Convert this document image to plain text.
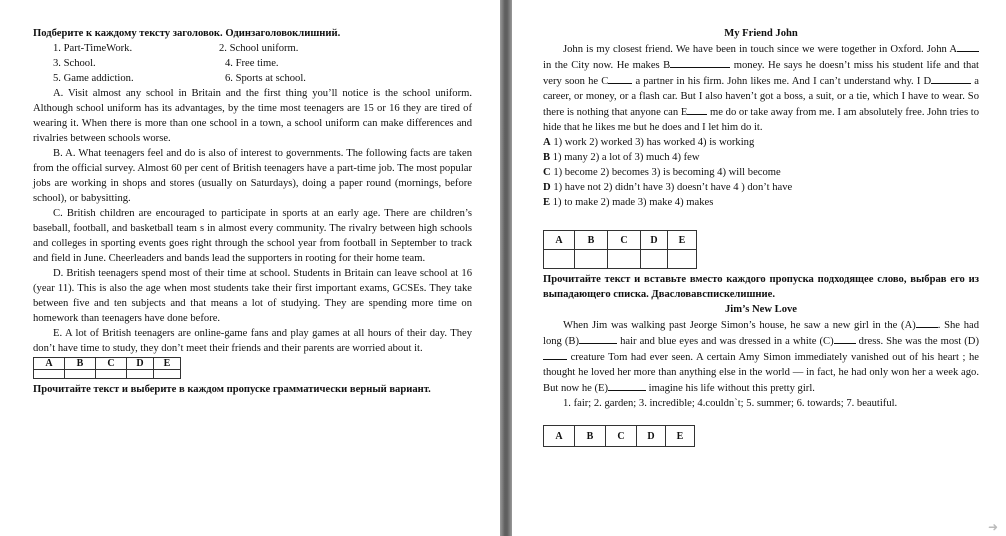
Подберите к каждому тексту заголовок. Одинзаголовоклишний.
1. Part-TimeWork.	2. School uniform.
3. School.	4. Free time.
5. Game addiction.	6. Sports at school.

A. Visit almost any school in Britain and the first thing you’ll notice is the school uniform. Although school uniform has its advantages, by the time most teenagers are 15 or 16 they are tired of wearing it. When there is more than one school in a town, a school uniform can make differences and rivalries between schools worse.

B. A. What teenagers feel and do is also of interest to governments. The following facts are taken from the official survey. Almost 60 per cent of British teenagers have a part-time job. The most popular jobs are working in shops and stores (usually on Saturdays), doing a paper round (mornings, before school), or babysitting.

C. British children are encouraged to participate in sports at an early age. There are children’s baseball, football, and basketball team s in almost every community. The rivalry between high schools and colleges in sporting events goes right through the school year from football in September to track and field in June. Cheerleaders and bands lead the supporters in rooting for their home team.

D. British teenagers spend most of their time at school. Students in Britain can leave school at 16 (year 11). This is also the age when most students take their first important exams, GCSEs. They take between five and ten subjects and that means a lot of studying. They are spending more time on homework than teenagers have done before.

E. A lot of British teenagers are online-game fans and play games at all hours of their day. They don’t have time to study, they don’t meet their friends and their parents are worried about it.

A	B	C	D	E

Прочитайте текст и выберите в каждом пропуске грамматически верный вариант.
My Friend John

John is my closest friend. We have been in touch since we were together in Oxford. John A in the City now. He makes B	money. He says he doesn’t miss his student life and that very soon he C a partner in his firm. John likes me. And I can’t understand why. I D	a career, or money, or a flash car. But I also haven’t got a boss, a suit, or a tie, which I have to wear. So there is nothing that anyone can E me do or take away from me. I am absolutely free. John tries to hide that he likes me but he does and I let him do it.

A 1) work 2) worked 3) has worked 4) is working
B 1) many 2) a lot of 3) much 4) few
C 1) become 2) becomes 3) is becoming 4) will become
D 1) have not 2) didn’t have 3) doesn’t have 4 ) don’t have
E 1) to make 2) made 3) make 4) makes
A	B	C	D	E

Прочитайте текст и вставьте вместо каждого пропуска подходящее слово, выбрав его из выпадающего списка. Двасловавспискелишние.
Jim’s New Love

When Jim was walking past Jeorge Simon’s house, he saw a new girl in the (A) . She had long (B)	hair and blue eyes and was dressed in a white (C) dress. She was the most (D) creature Tom had ever seen. A certain Amy Simon immediately vanished out of his heart ; he thought he loved her more than anything else in the world — in fact, he had only won her a week ago. But now he (E)	imagine his life without this pretty girl.

1. fair; 2. garden; 3. incredible; 4.couldn`t; 5. summer; 6. towards; 7. beautiful.
A	B	C	D	E
➜
